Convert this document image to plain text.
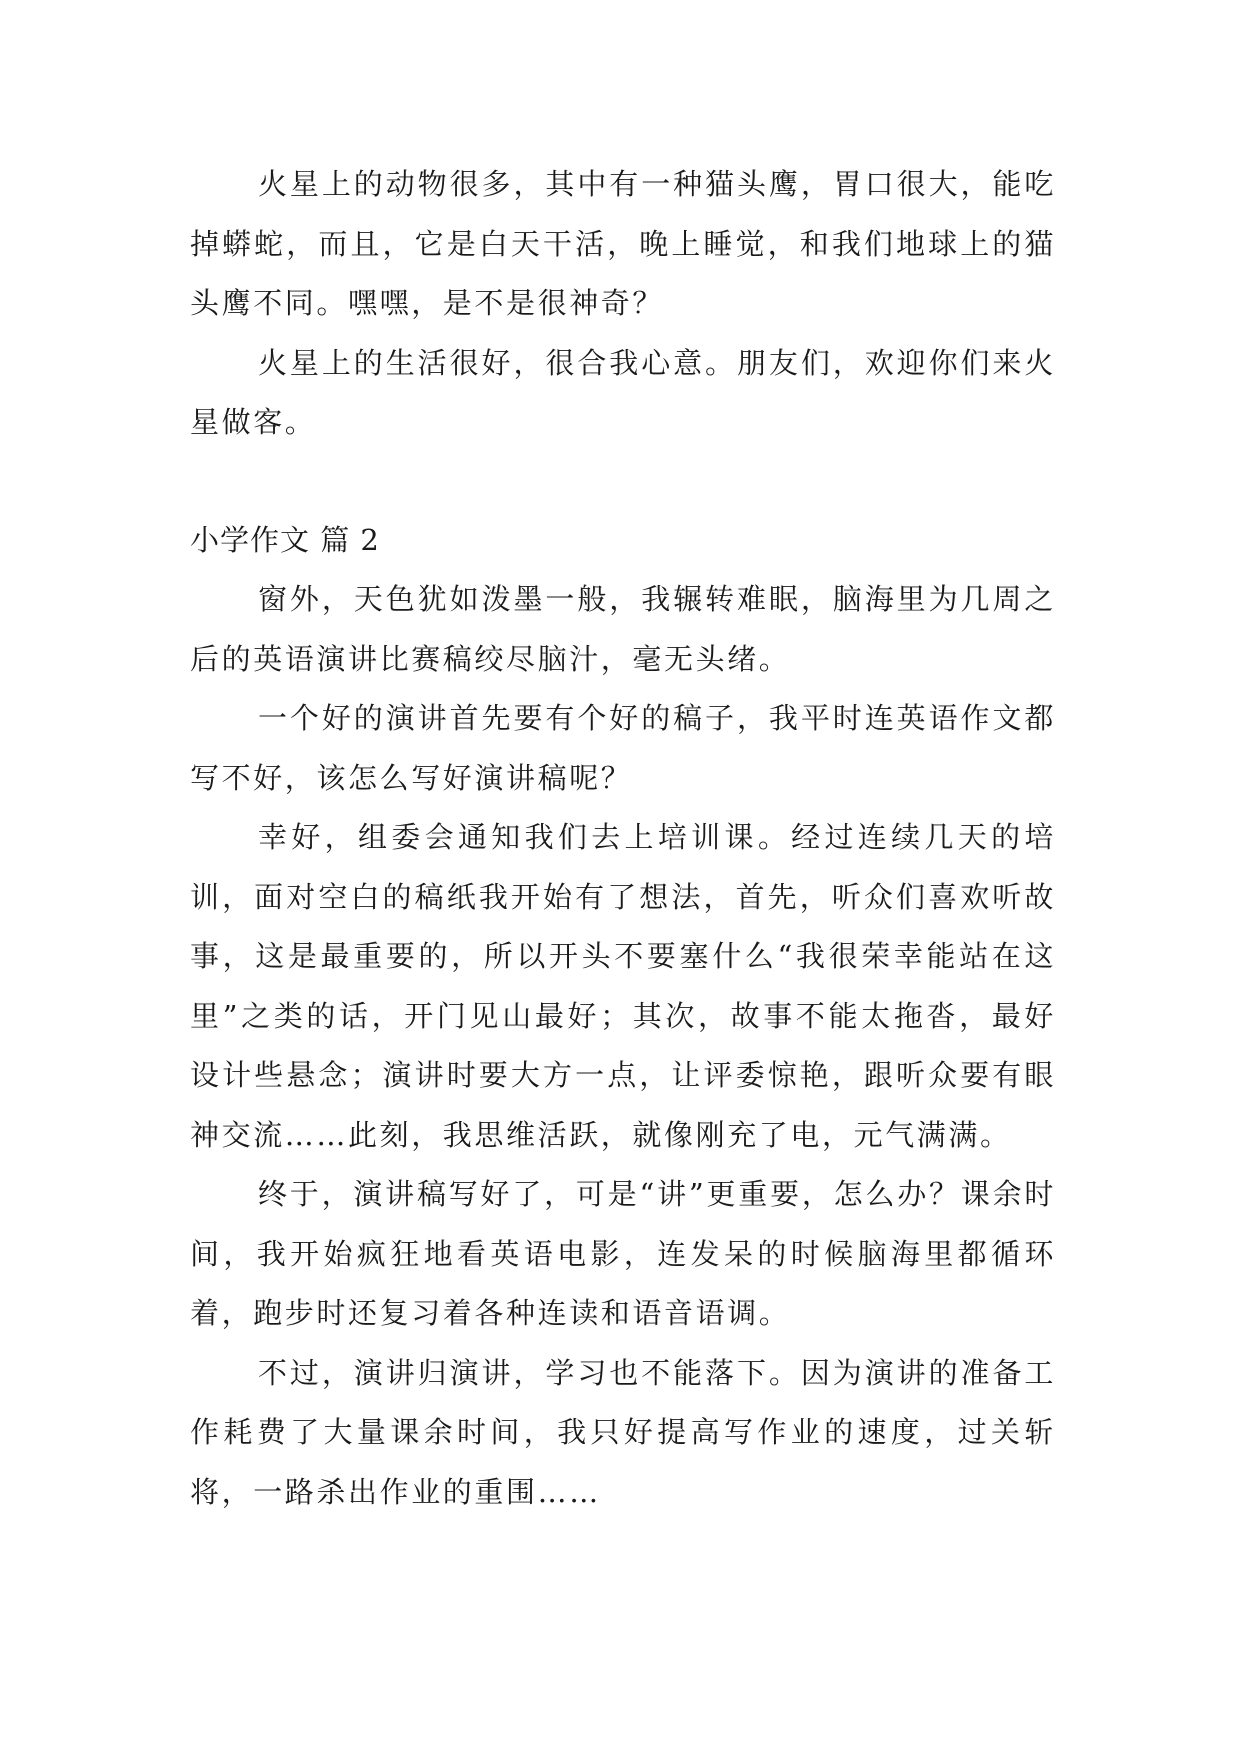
火星上的动物很多，其中有一种猫头鹰，胃口很大，能吃掉蟒蛇，而且，它是白天干活，晚上睡觉，和我们地球上的猫头鹰不同。嘿嘿，是不是很神奇？

火星上的生活很好，很合我心意。朋友们，欢迎你们来火星做客。

小学作文 篇 2

窗外，天色犹如泼墨一般，我辗转难眠，脑海里为几周之后的英语演讲比赛稿绞尽脑汁，毫无头绪。

一个好的演讲首先要有个好的稿子，我平时连英语作文都写不好，该怎么写好演讲稿呢？

幸好，组委会通知我们去上培训课。经过连续几天的培训，面对空白的稿纸我开始有了想法，首先，听众们喜欢听故事，这是最重要的，所以开头不要塞什么“我很荣幸能站在这里”之类的话，开门见山最好；其次，故事不能太拖沓，最好设计些悬念；演讲时要大方一点，让评委惊艳，跟听众要有眼神交流……此刻，我思维活跃，就像刚充了电，元气满满。

终于，演讲稿写好了，可是“讲”更重要，怎么办？课余时间，我开始疯狂地看英语电影，连发呆的时候脑海里都循环着，跑步时还复习着各种连读和语音语调。

不过，演讲归演讲，学习也不能落下。因为演讲的准备工作耗费了大量课余时间，我只好提高写作业的速度，过关斩将，一路杀出作业的重围……
